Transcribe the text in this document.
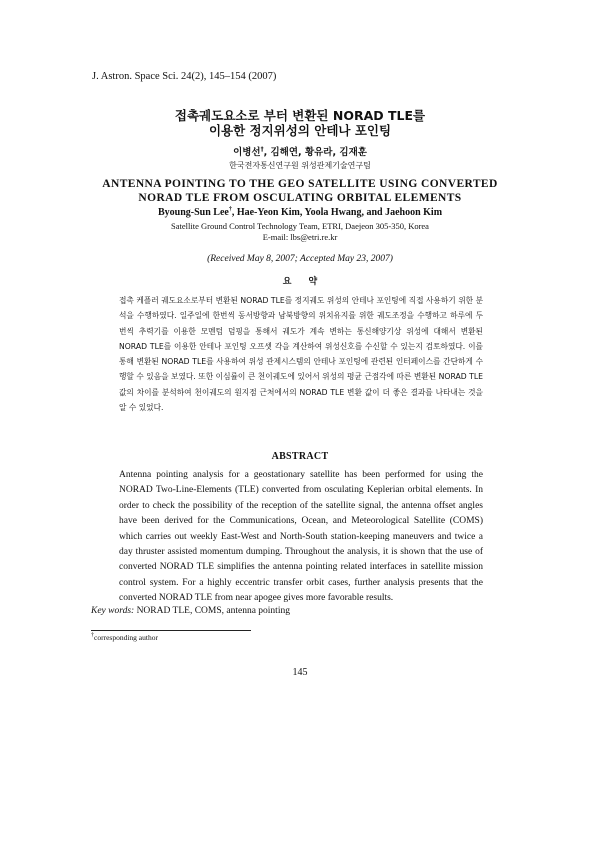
J. Astron. Space Sci. 24(2), 145–154 (2007)
접촉궤도요소로 부터 변환된 NORAD TLE를
이용한 정지위성의 안테나 포인팅
이병선†, 김해연, 황유라, 김재훈
한국전자통신연구원 위성관제기술연구팀
ANTENNA POINTING TO THE GEO SATELLITE USING CONVERTED
NORAD TLE FROM OSCULATING ORBITAL ELEMENTS
Byoung-Sun Lee†, Hae-Yeon Kim, Yoola Hwang, and Jaehoon Kim
Satellite Ground Control Technology Team, ETRI, Daejeon 305-350, Korea
E-mail: lbs@etri.re.kr
(Received May 8, 2007; Accepted May 23, 2007)
요 약

접촉 케플러 궤도요소로부터 변환된 NORAD TLE를 정지궤도 위성의 안테나 포인팅에 직접 사용하기 위한 분석을 수행하였다. 일주일에 한번씩 동서방향과 남북방향의 위치유지를 위한 궤도조정을 수행하고 하루에 두 번씩 추력기를 이용한 모멘텀 덤핑을 통해서 궤도가 계속 변하는 통신해양기상 위성에 대해서 변환된 NORAD TLE를 이용한 안테나 포인팅 오프셋 각을 계산하여 위성신호를 수신할 수 있는지 검토하였다. 이를 통해 변환된 NORAD TLE를 사용하여 위성 관제시스템의 안테나 포인팅에 관련된 인터페이스를 간단하게 수행할 수 있음을 보였다. 또한 이심률이 큰 천이궤도에 있어서 위성의 평균 근점각에 따른 변환된 NORAD TLE 값의 차이를 분석하여 천이궤도의 원지점 근처에서의 NORAD TLE 변환 값이 더 좋은 결과를 나타내는 것을 알 수 있었다.

ABSTRACT

Antenna pointing analysis for a geostationary satellite has been performed for using the NORAD Two-Line-Elements (TLE) converted from osculating Keplerian orbital elements. In order to check the possibility of the reception of the satellite signal, the antenna offset angles have been derived for the Communications, Ocean, and Meteorological Satellite (COMS) which carries out weekly East-West and North-South station-keeping maneuvers and twice a day thruster assisted momentum dumping. Throughout the analysis, it is shown that the use of converted NORAD TLE simplifies the antenna pointing related interfaces in satellite mission control system. For a highly eccentric transfer orbit cases, further analysis presents that the converted NORAD TLE from near apogee gives more favorable results.

Key words: NORAD TLE, COMS, antenna pointing
†corresponding author
145
